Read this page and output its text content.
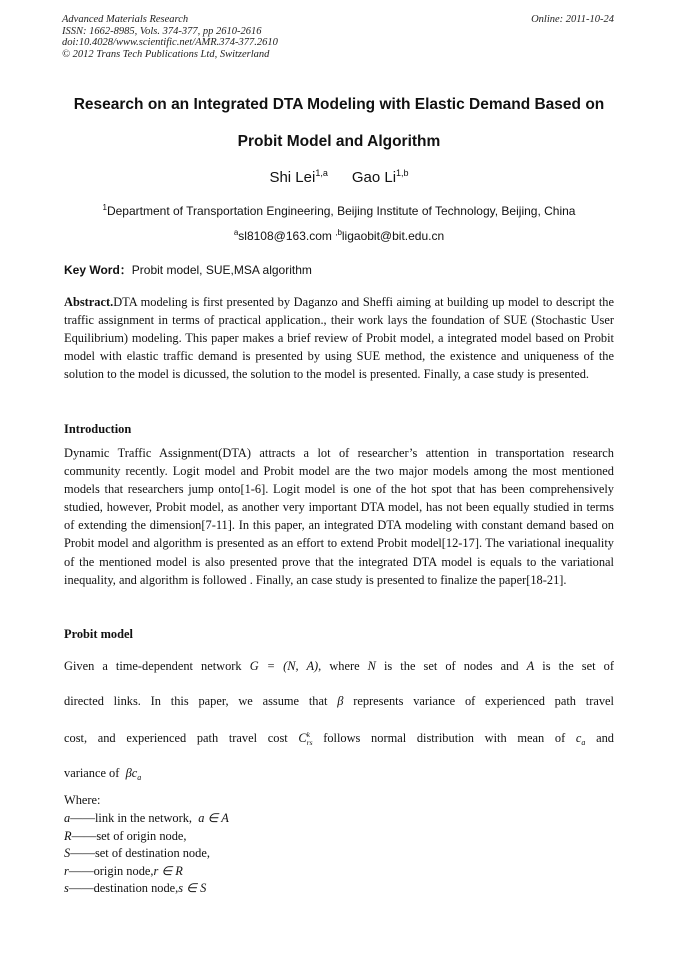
Advanced Materials Research
ISSN: 1662-8985, Vols. 374-377, pp 2610-2616
doi:10.4028/www.scientific.net/AMR.374-377.2610
© 2012 Trans Tech Publications Ltd, Switzerland
Online: 2011-10-24
Research on an Integrated DTA Modeling with Elastic Demand Based on
Probit Model and Algorithm
Shi Lei$^{1,a}$ Gao Li$^{1,b}$
$^1$Department of Transportation Engineering, Beijing Institute of Technology, Beijing, China
$^a$sl8108@163.com $^{,b}$ligaobit@bit.edu.cn
Key Word：Probit model, SUE,MSA algorithm
Abstract.DTA modeling is first presented by Daganzo and Sheffi aiming at building up model to descript the traffic assignment in terms of practical application., their work lays the foundation of SUE (Stochastic User Equilibrium) modeling. This paper makes a brief review of Probit model, a integrated model based on Probit model with elastic traffic demand is presented by using SUE method, the existence and uniqueness of the solution to the model is dicussed, the solution to the model is presented. Finally, a case study is presented.
Introduction
Dynamic Traffic Assignment(DTA) attracts a lot of researcher’s attention in transportation research community recently. Logit model and Probit model are the two major models among the most mentioned models that researchers jump onto[1-6]. Logit model is one of the hot spot that has been comprehensively studied, however, Probit model, as another very important DTA model, has not been equally studied in terms of extending the dimension[7-11]. In this paper, an integrated DTA modeling with constant demand based on Probit model and algorithm is presented as an effort to extend Probit model[12-17]. The variational inequality of the mentioned model is also presented prove that the integrated DTA model is equals to the variational inequality, and algorithm is followed . Finally, an case study is presented to finalize the paper[18-21].
Probit model
Given a time-dependent network G = (N, A), where N is the set of nodes and A is the set of
directed links. In this paper, we assume that β represents variance of experienced path travel
cost, and experienced path travel cost C k
rs follows normal distribution with mean of $c_a$ and
variance of $\beta c_a$
Where:
a——link in the network, a ∈ A
R——set of origin node,
S——set of destination node,
r——origin node,r ∈ R
s——destination node,s ∈ S
